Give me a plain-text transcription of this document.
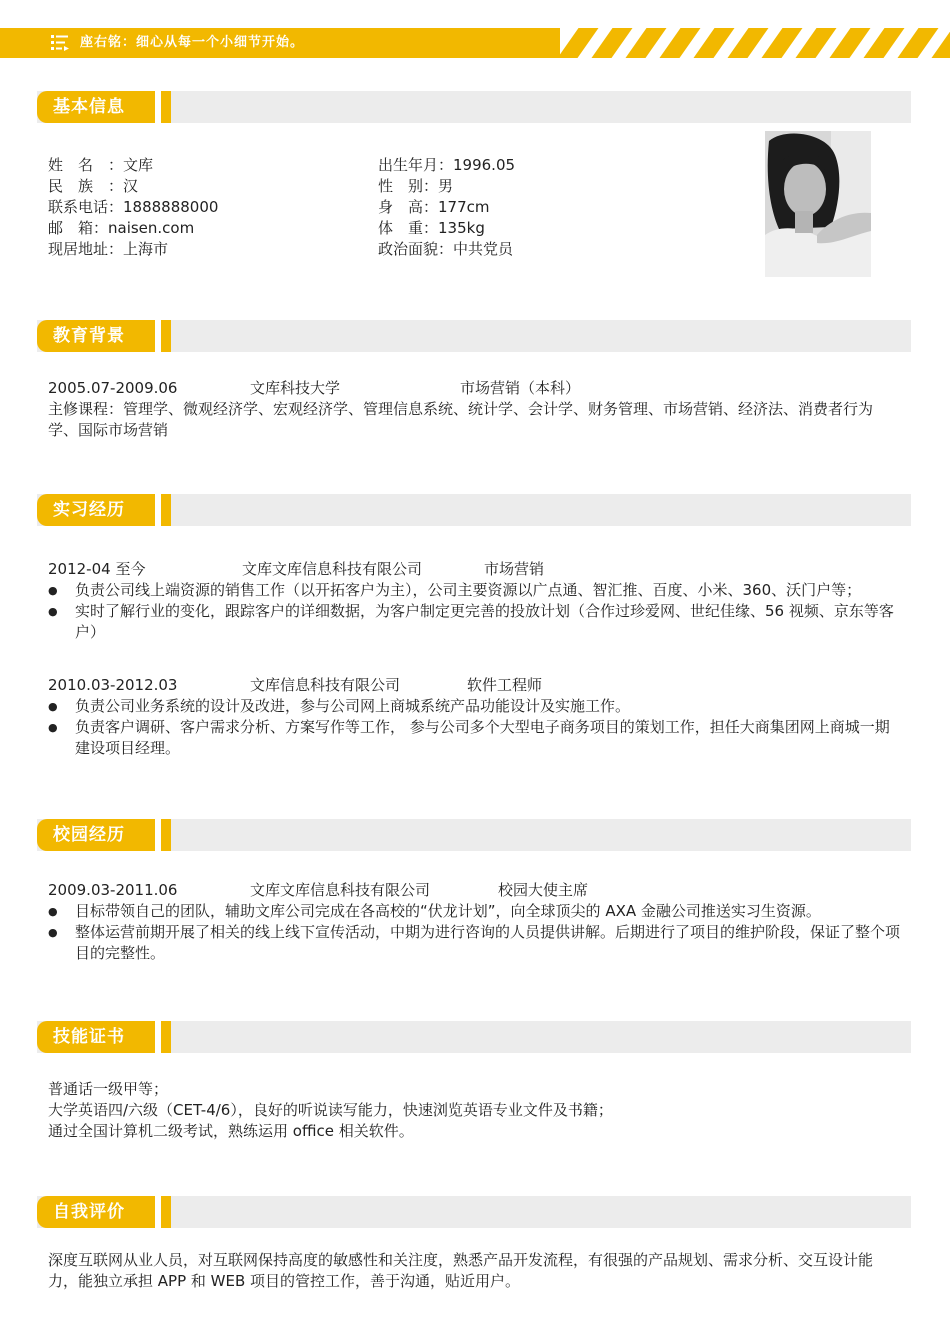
座右铭：细心从每一个小细节开始。
基本信息
姓　名　：文库
民　族　：汉
联系电话：1888888000
邮　箱：naisen.com
现居地址：上海市
出生年月：1996.05
性　别：男
身　高：177cm
体　重：135kg
政治面貌：中共党员
教育背景
2005.07-2009.06	文库科技大学	市场营销（本科）
主修课程：管理学、微观经济学、宏观经济学、管理信息系统、统计学、会计学、财务管理、市场营销、经济法、消费者行为学、国际市场营销
实习经历
2012-04 至今	文库文库信息科技有限公司	市场营销
● 负责公司线上端资源的销售工作（以开拓客户为主），公司主要资源以广点通、智汇推、百度、小米、360、沃门户等；
● 实时了解行业的变化，跟踪客户的详细数据，为客户制定更完善的投放计划（合作过珍爱网、世纪佳缘、56 视频、京东等客户）
2010.03-2012.03	文库信息科技有限公司	软件工程师
● 负责公司业务系统的设计及改进，参与公司网上商城系统产品功能设计及实施工作。
● 负责客户调研、客户需求分析、方案写作等工作， 参与公司多个大型电子商务项目的策划工作，担任大商集团网上商城一期建设项目经理。
校园经历
2009.03-2011.06	文库文库信息科技有限公司	校园大使主席
● 目标带领自己的团队，辅助文库公司完成在各高校的“伏龙计划”，向全球顶尖的 AXA 金融公司推送实习生资源。
● 整体运营前期开展了相关的线上线下宣传活动，中期为进行咨询的人员提供讲解。后期进行了项目的维护阶段，保证了整个项目的完整性。
技能证书
普通话一级甲等；
大学英语四/六级（CET-4/6），良好的听说读写能力，快速浏览英语专业文件及书籍；
通过全国计算机二级考试，熟练运用 office 相关软件。
自我评价
深度互联网从业人员，对互联网保持高度的敏感性和关注度，熟悉产品开发流程，有很强的产品规划、需求分析、交互设计能力，能独立承担 APP 和 WEB 项目的管控工作，善于沟通，贴近用户。
